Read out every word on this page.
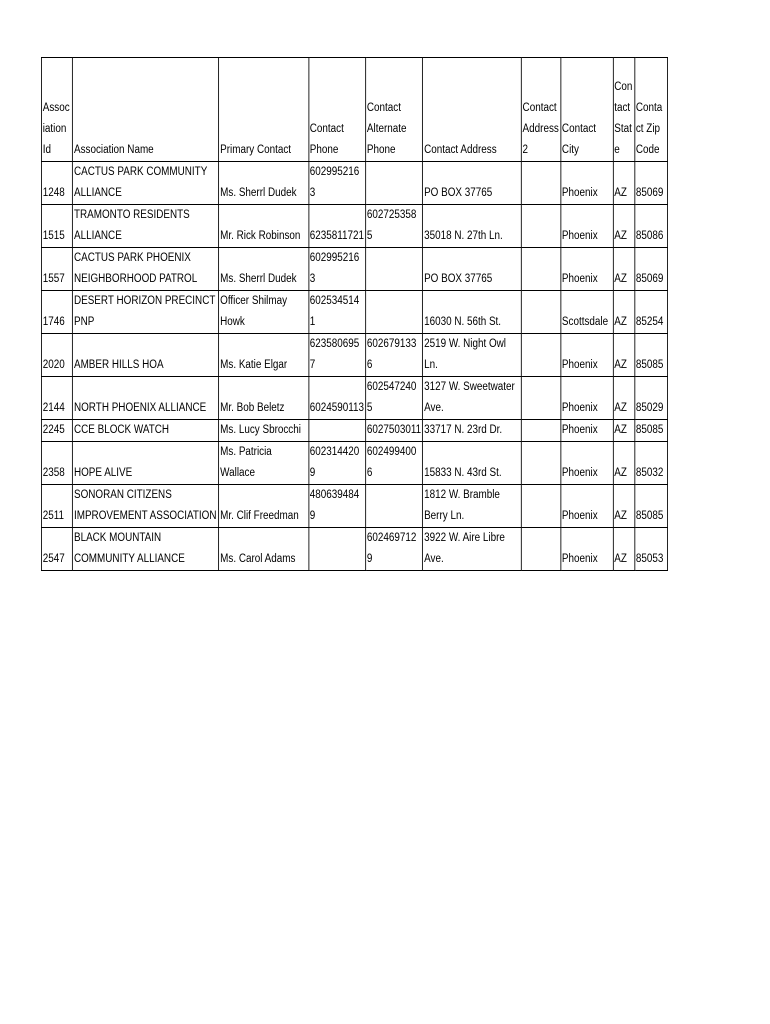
Association Id	Association Name	Primary Contact	Contact Phone	Contact Alternate Phone	Contact Address	Contact Address 2	Contact City	Contact State	Contact Zip Code
1248	CACTUS PARK COMMUNITY ALLIANCE	Ms. Sherrl Dudek	6029952163		PO BOX 37765		Phoenix	AZ	85069
1515	TRAMONTO RESIDENTS ALLIANCE	Mr. Rick Robinson	6235811721	6027253585	35018 N. 27th Ln.		Phoenix	AZ	85086
1557	CACTUS PARK PHOENIX NEIGHBORHOOD PATROL	Ms. Sherrl Dudek	6029952163		PO BOX 37765		Phoenix	AZ	85069
1746	DESERT HORIZON PRECINCT PNP	Officer Shilmay Howk	6025345141		16030 N. 56th St.		Scottsdale	AZ	85254
2020	AMBER HILLS HOA	Ms. Katie Elgar	6235806957	6026791336	2519 W. Night Owl Ln.		Phoenix	AZ	85085
2144	NORTH PHOENIX ALLIANCE	Mr. Bob Beletz	6024590113	6025472405	3127 W. Sweetwater Ave.		Phoenix	AZ	85029
2245	CCE BLOCK WATCH	Ms. Lucy Sbrocchi		6027503011	33717 N. 23rd Dr.		Phoenix	AZ	85085
2358	HOPE ALIVE	Ms. Patricia Wallace	6023144209	6024994006	15833 N. 43rd St.		Phoenix	AZ	85032
2511	SONORAN CITIZENS IMPROVEMENT ASSOCIATION	Mr. Clif Freedman	4806394849		1812 W. Bramble Berry Ln.		Phoenix	AZ	85085
2547	BLACK MOUNTAIN COMMUNITY ALLIANCE	Ms. Carol Adams		6024697129	3922 W. Aire Libre Ave.		Phoenix	AZ	85053
